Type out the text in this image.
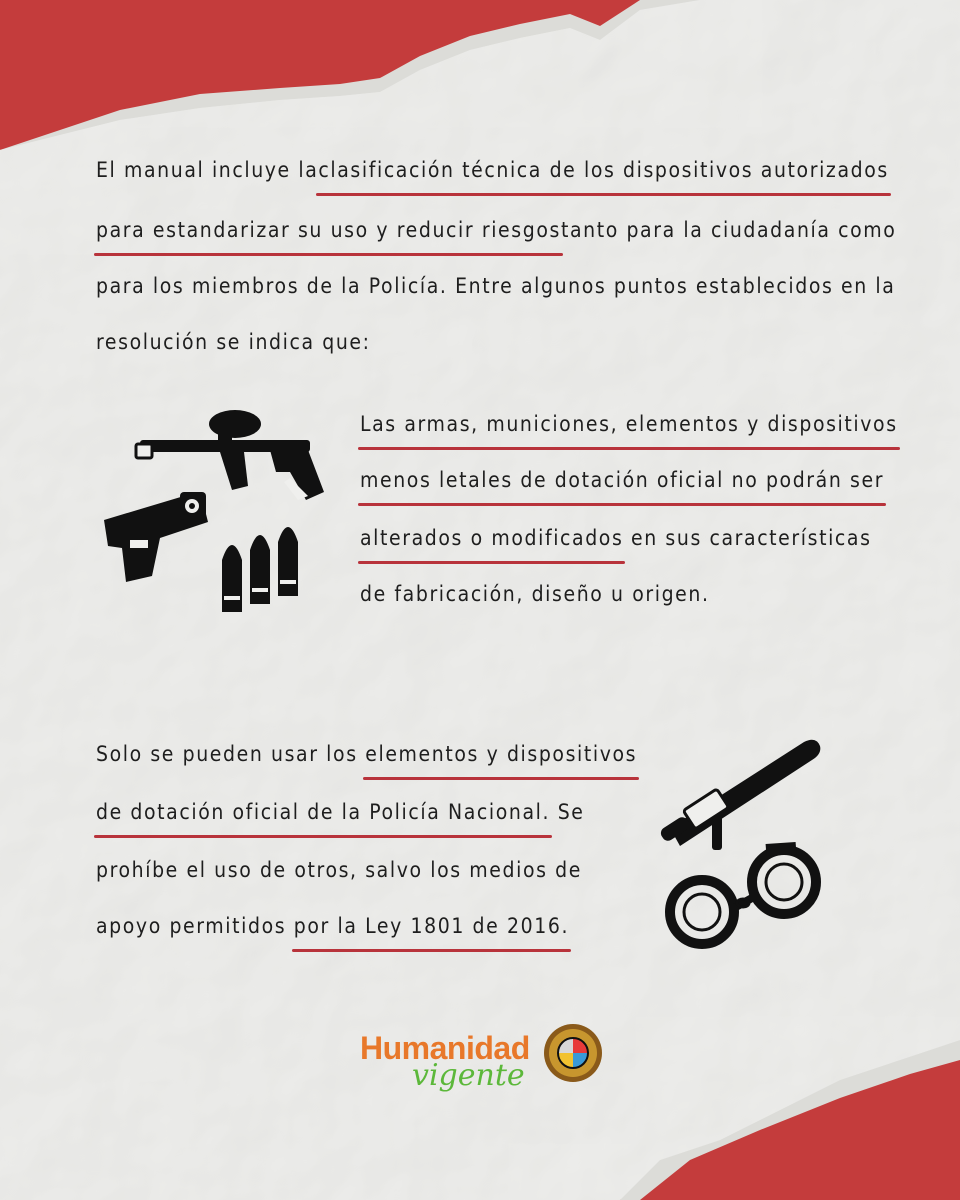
El manual incluye la clasificación técnica de los dispositivos autorizados
para estandarizar su uso y reducir riesgos tanto para la ciudadanía como
para los miembros de la Policía. Entre algunos puntos establecidos en la
resolución se indica que:
Las armas, municiones, elementos y dispositivos
menos letales de dotación oficial no podrán ser
alterados o modificados en sus características
de fabricación, diseño u origen.
Solo se pueden usar los elementos y dispositivos
de dotación oficial de la Policía Nacional. Se
prohíbe el uso de otros, salvo los medios de
apoyo permitidos por la Ley 1801 de 2016.
Humanidad
vigente
